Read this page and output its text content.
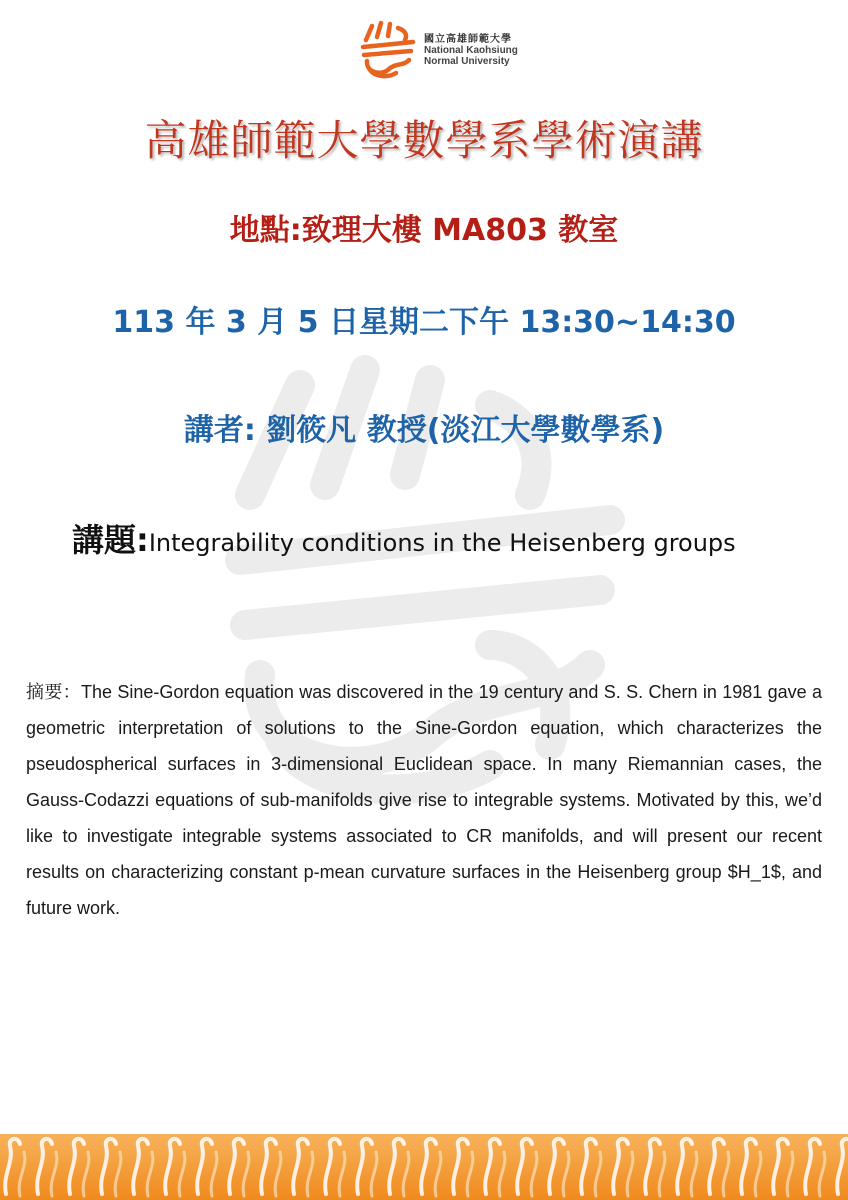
國立高雄師範大學
National Kaohsiung
Normal University
高雄師範大學數學系學術演講
地點:致理大樓 MA803 教室
113 年 3 月 5 日星期二下午 13:30~14:30
講者: 劉筱凡 教授(淡江大學數學系)
講題:Integrability conditions in the Heisenberg groups
摘要：The Sine-Gordon equation was discovered in the 19 century and S. S. Chern in 1981 gave a geometric interpretation of solutions to the Sine-Gordon equation, which characterizes the pseudospherical surfaces in 3-dimensional Euclidean space. In many Riemannian cases, the Gauss-Codazzi equations of sub-manifolds give rise to integrable systems. Motivated by this, we’d like to investigate integrable systems associated to CR manifolds, and will present our recent results on characterizing constant p-mean curvature surfaces in the Heisenberg group $H_1$, and future work.
